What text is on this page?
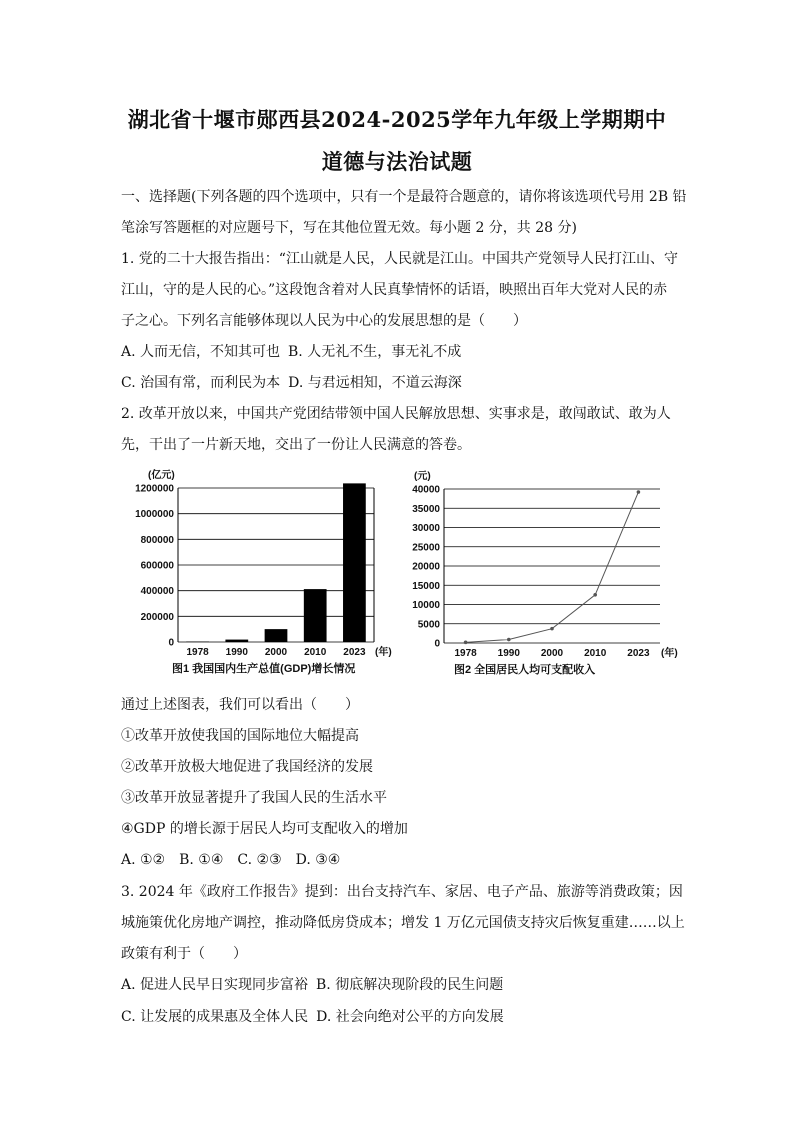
湖北省十堰市郧西县2024-2025学年九年级上学期期中
道德与法治试题
一、选择题(下列各题的四个选项中，只有一个是最符合题意的，请你将该选项代号用 2B 铅
笔涂写答题框的对应题号下，写在其他位置无效。每小题 2 分，共 28 分)
1. 党的二十大报告指出：“江山就是人民，人民就是江山。中国共产党领导人民打江山、守
江山，守的是人民的心。”这段饱含着对人民真挚情怀的话语，映照出百年大党对人民的赤
子之心。下列名言能够体现以人民为中心的发展思想的是（　　）
A. 人而无信，不知其可也 B. 人无礼不生，事无礼不成
C. 治国有常，而利民为本 D. 与君远相知，不道云海深
2. 改革开放以来，中国共产党团结带领中国人民解放思想、实事求是，敢闯敢试、敢为人
先，干出了一片新天地，交出了一份让人民满意的答卷。
(亿元)
0
200000
400000
600000
800000
1000000
1200000
1978 1990 2000 2010 2023 (年)
图1 我国国内生产总值(GDP)增长情况
(元)
0
5000
10000
15000
20000
25000
30000
35000
40000
1978 1990 2000 2010 2023 (年)
图2 全国居民人均可支配收入
通过上述图表，我们可以看出（　　）
①改革开放使我国的国际地位大幅提高
②改革开放极大地促进了我国经济的发展
③改革开放显著提升了我国人民的生活水平
④GDP 的增长源于居民人均可支配收入的增加
A. ①②　B. ①④　C. ②③　D. ③④
3. 2024 年《政府工作报告》提到：出台支持汽车、家居、电子产品、旅游等消费政策；因
城施策优化房地产调控，推动降低房贷成本；增发 1 万亿元国债支持灾后恢复重建……以上
政策有利于（　　）
A. 促进人民早日实现同步富裕 B. 彻底解决现阶段的民生问题
C. 让发展的成果惠及全体人民 D. 社会向绝对公平的方向发展
